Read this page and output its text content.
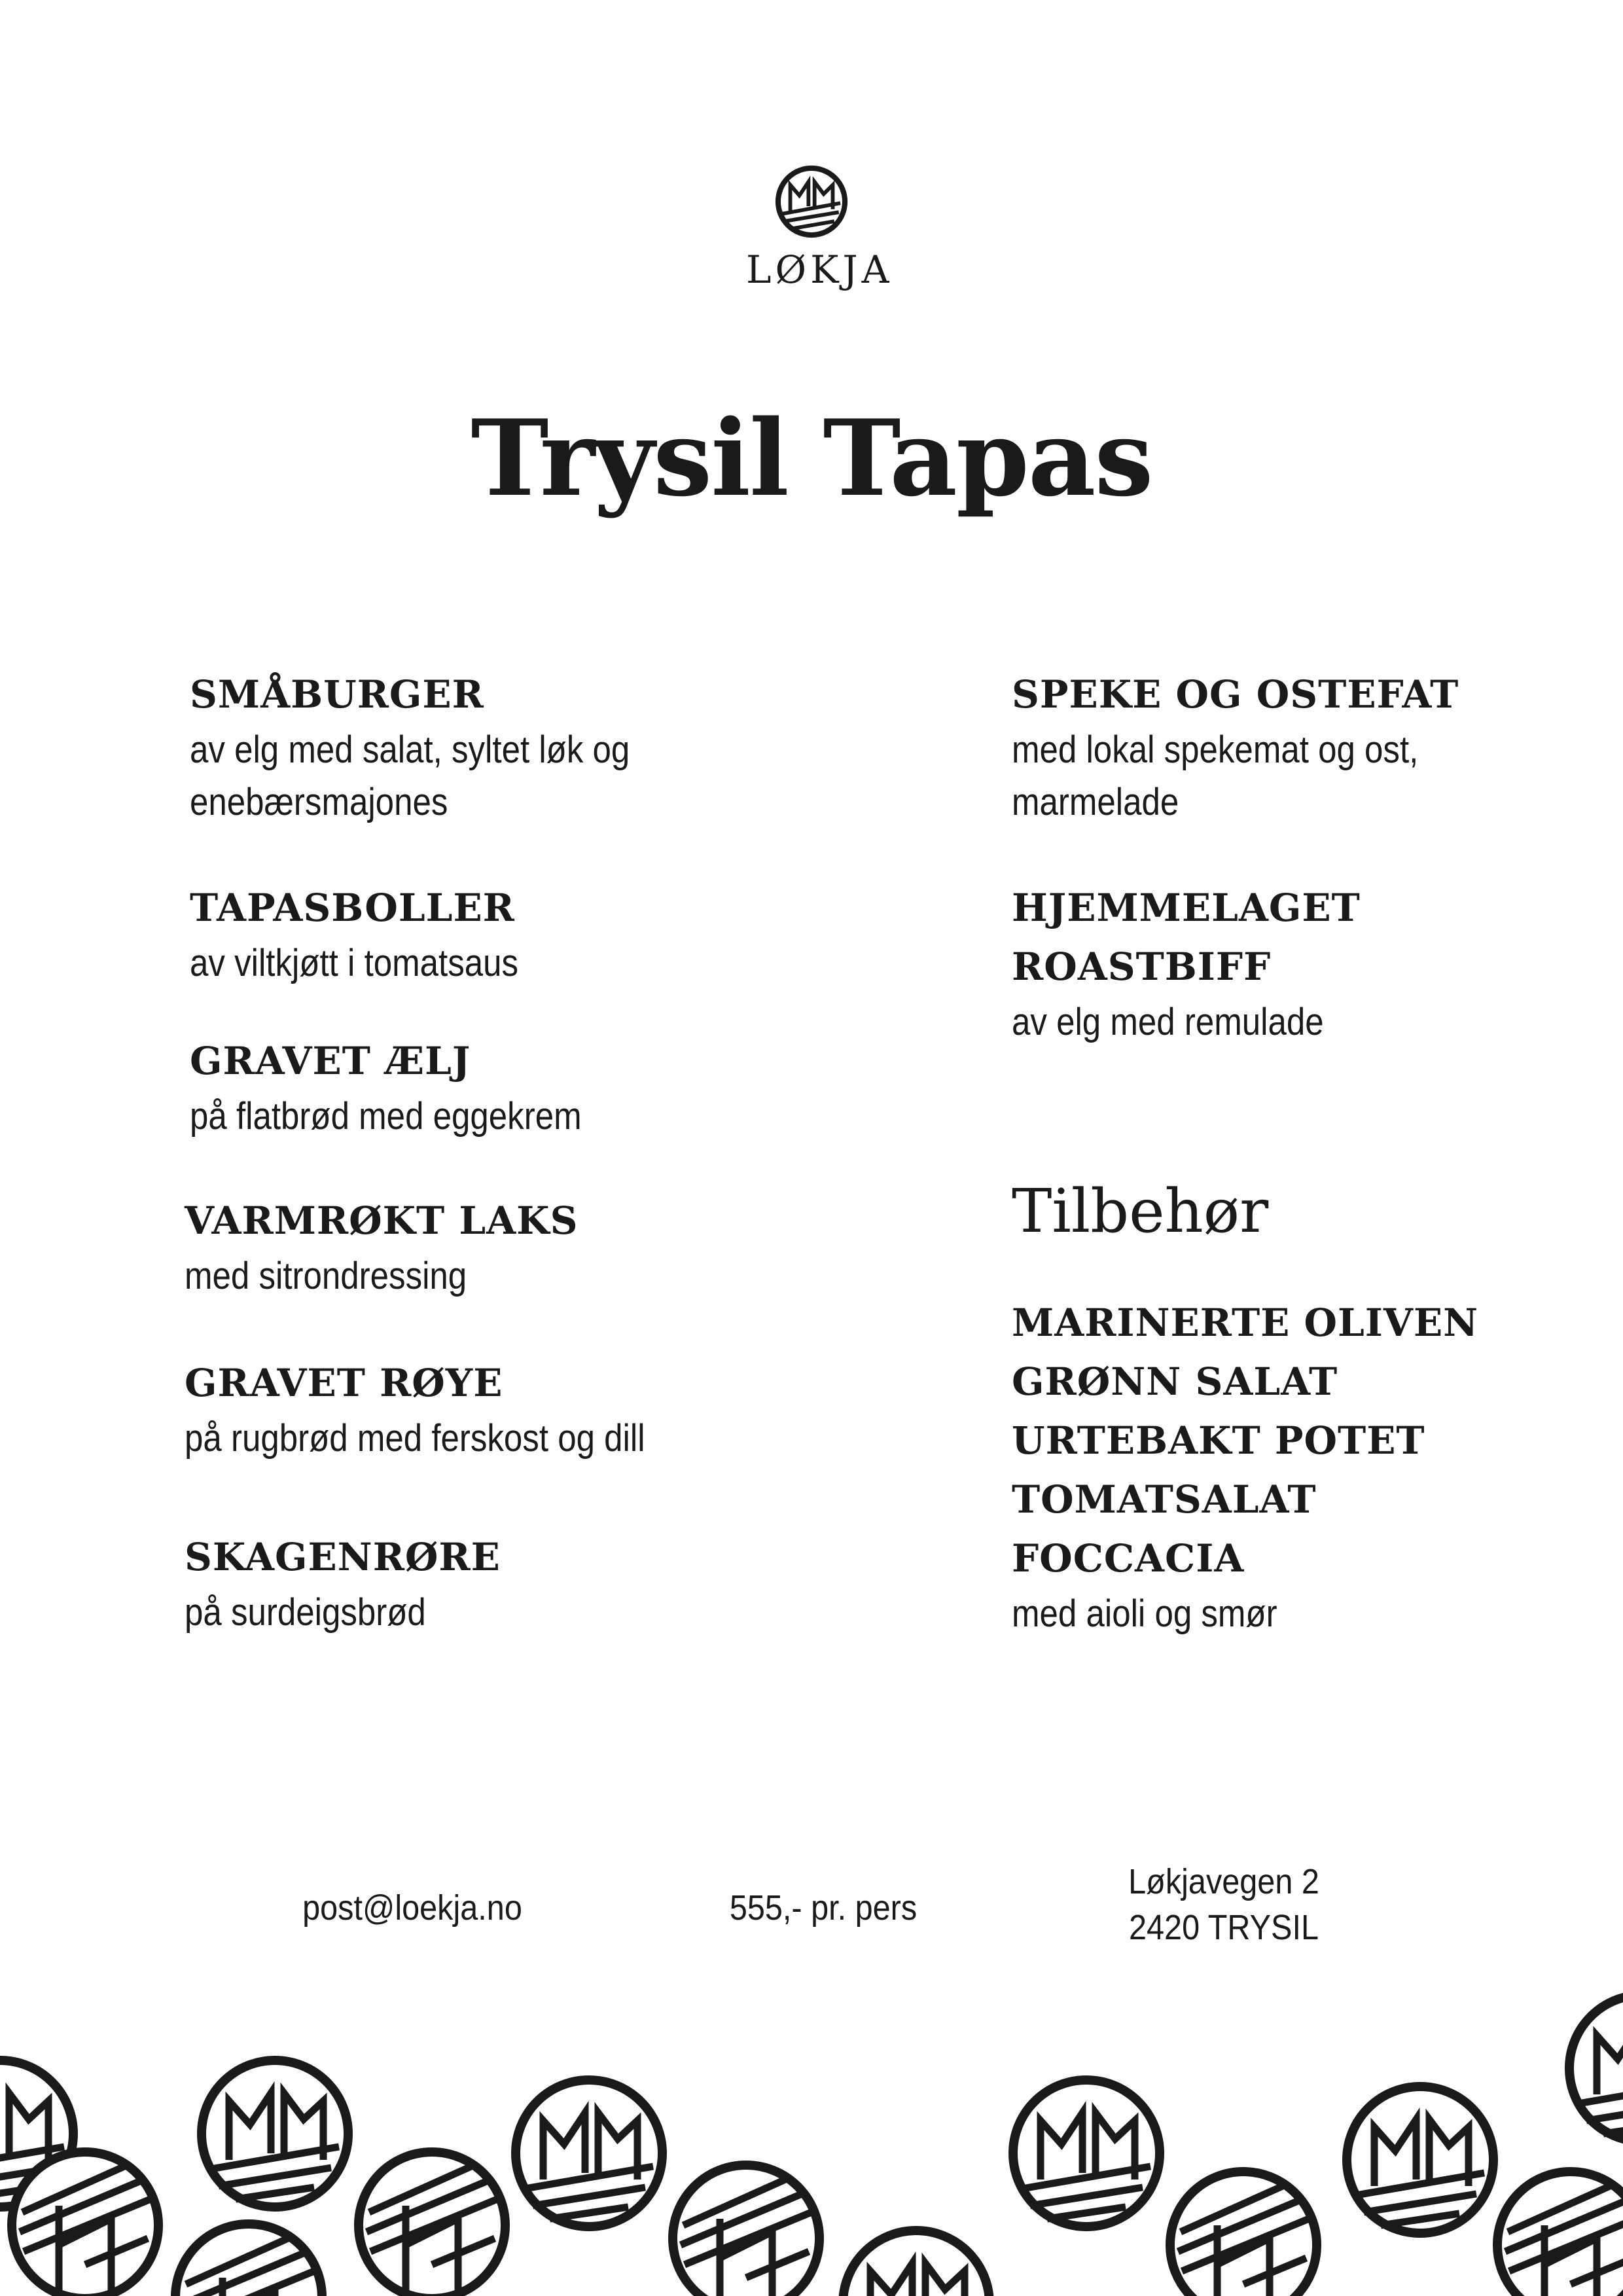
LØKJA
Trysil Tapas
SMÅBURGER
av elg med salat, syltet løk og
enebærsmajones
TAPASBOLLER
av viltkjøtt i tomatsaus
GRAVET ÆLJ
på flatbrød med eggekrem
VARMRØKT LAKS
med sitrondressing
GRAVET RØYE
på rugbrød med ferskost og dill
SKAGENRØRE
på surdeigsbrød
SPEKE OG OSTEFAT
med lokal spekemat og ost,
marmelade
HJEMMELAGET
ROASTBIFF
av elg med remulade
Tilbehør
MARINERTE OLIVEN
GRØNN SALAT
URTEBAKT POTET
TOMATSALAT
FOCCACIA
med aioli og smør
post@loekja.no	555,- pr. pers
Løkjavegen 2
2420 TRYSIL
